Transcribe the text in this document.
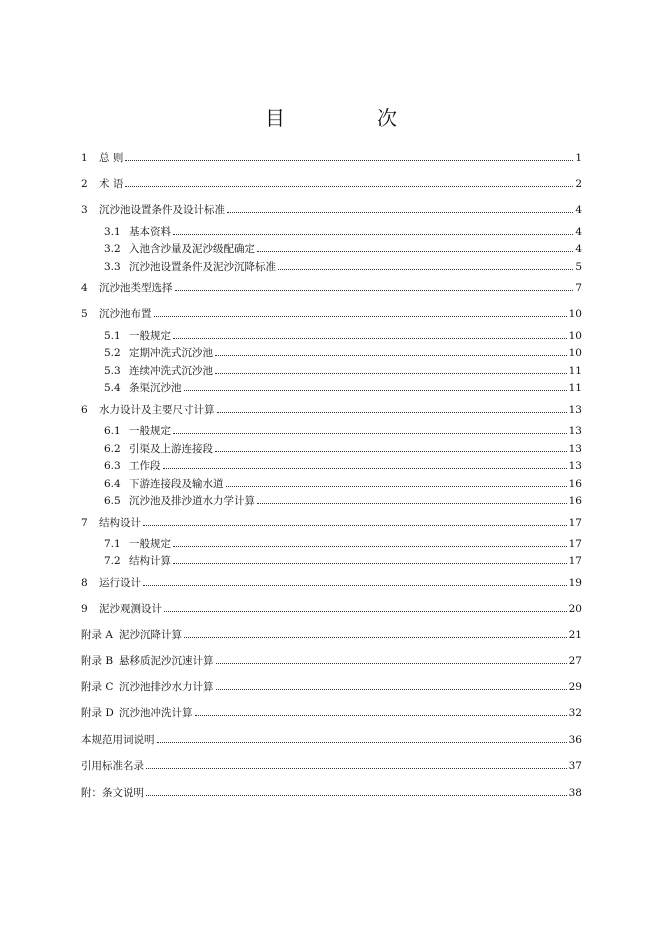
目　次
1	总 则	1
2	术 语	2
3	沉沙池设置条件及设计标准	4
3.1 基本资料	4
3.2 入池含沙量及泥沙级配确定	4
3.3 沉沙池设置条件及泥沙沉降标准	5
4	沉沙池类型选择	7
5	沉沙池布置	10
5.1 一般规定	10
5.2 定期冲洗式沉沙池	10
5.3 连续冲洗式沉沙池	11
5.4 条渠沉沙池	11
6	水力设计及主要尺寸计算	13
6.1 一般规定	13
6.2 引渠及上游连接段	13
6.3 工作段	13
6.4 下游连接段及输水道	16
6.5 沉沙池及排沙道水力学计算	16
7	结构设计	17
7.1 一般规定	17
7.2 结构计算	17
8	运行设计	19
9	泥沙观测设计	20
附录 A 泥沙沉降计算	21
附录 B 悬移质泥沙沉速计算	27
附录 C 沉沙池排沙水力计算	29
附录 D 沉沙池冲洗计算	32
本规范用词说明	36
引用标准名录	37
附：条文说明	38
